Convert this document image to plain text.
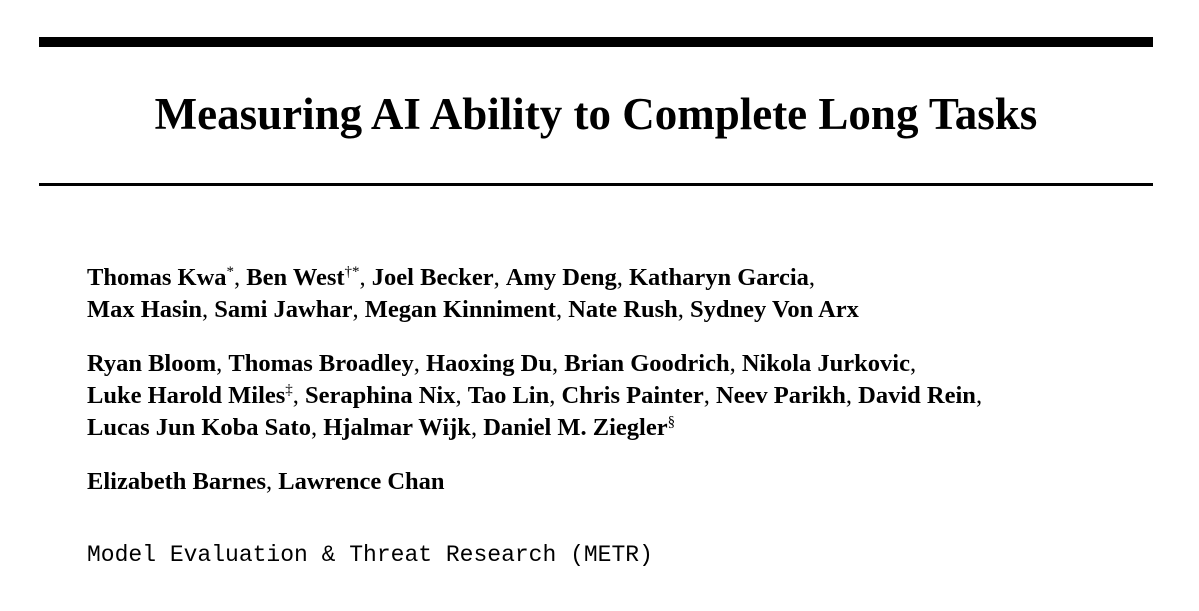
Measuring AI Ability to Complete Long Tasks
Thomas Kwa*, Ben West†*, Joel Becker, Amy Deng, Katharyn Garcia,
Max Hasin, Sami Jawhar, Megan Kinniment, Nate Rush, Sydney Von Arx
Ryan Bloom, Thomas Broadley, Haoxing Du, Brian Goodrich, Nikola Jurkovic,
Luke Harold Miles‡, Seraphina Nix, Tao Lin, Chris Painter, Neev Parikh, David Rein,
Lucas Jun Koba Sato, Hjalmar Wijk, Daniel M. Ziegler§
Elizabeth Barnes, Lawrence Chan
Model Evaluation & Threat Research (METR)
